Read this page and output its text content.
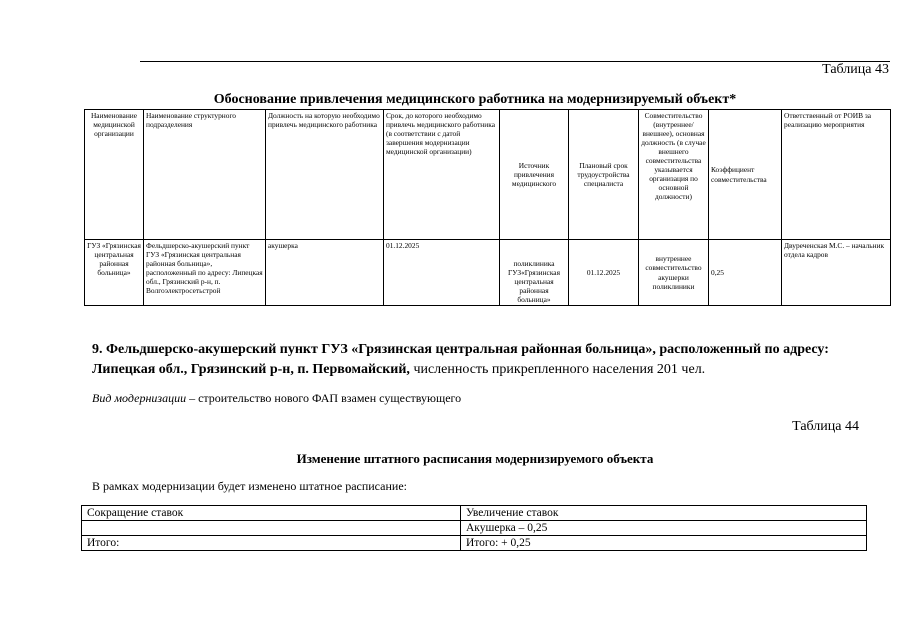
Таблица 43
Обоснование привлечения медицинского работника на модернизируемый объект*
Наименование медицинской организации	Наименование структурного подразделения	Должность на которую необходимо привлечь медицинского работника	Срок, до которого необходимо привлечь медицинского работника (в соответствии с датой завершения модернизации медицинской организации)	Источник привлечения медицинского	Плановый срок трудоустройства специалиста	Совместительство (внутреннее/внешнее), основная должность (в случае внешнего совместительства указывается организация по основной должности)	Коэффициент совместительства	Ответственный от РОИВ за реализацию мероприятия
ГУЗ «Грязинская центральная районная больница»	Фельдшерско-акушерский пункт ГУЗ «Грязинская центральная районная больница», расположенный по адресу: Липецкая обл., Грязинский р-н, п. Волгоэлектросетьстрой	акушерка	01.12.2025	поликлиника ГУЗ«Грязинская центральная районная больница»	01.12.2025	внутреннее совместительство акушерки поликлиники	0,25	Двуреченская М.С. – начальник отдела кадров
9. Фельдшерско-акушерский пункт ГУЗ «Грязинская центральная районная больница», расположенный по адресу: Липецкая обл., Грязинский р-н, п. Первомайский, численность прикрепленного населения 201 чел.
Вид модернизации – строительство нового ФАП взамен существующего
Таблица 44
Изменение штатного расписания модернизируемого объекта
В рамках модернизации будет изменено штатное расписание:
Сокращение ставок	Увеличение ставок
	Акушерка – 0,25
Итого:	Итого: + 0,25
